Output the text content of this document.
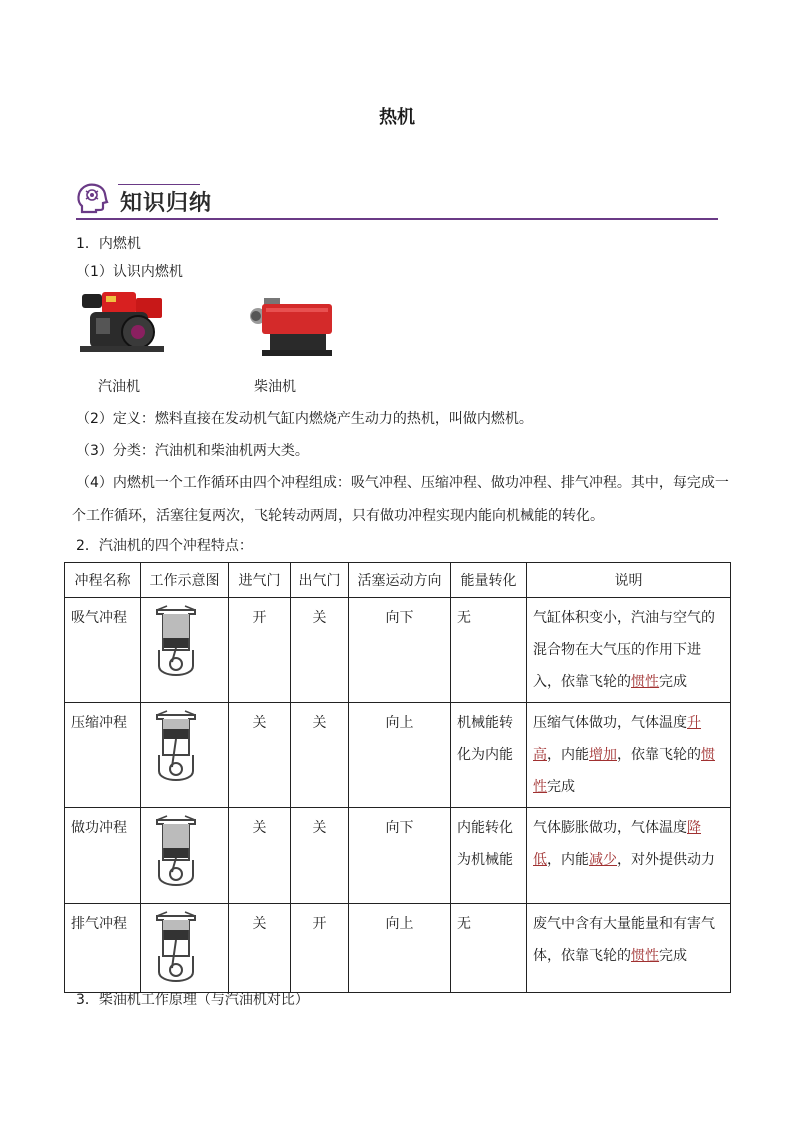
热机
知识归纳
1．内燃机
（1）认识内燃机
汽油机	柴油机
（2）定义：燃料直接在发动机气缸内燃烧产生动力的热机，叫做内燃机。
（3）分类：汽油机和柴油机两大类。
（4）内燃机一个工作循环由四个冲程组成：吸气冲程、压缩冲程、做功冲程、排气冲程。其中，每完成一
个工作循环，活塞往复两次，飞轮转动两周，只有做功冲程实现内能向机械能的转化。
2．汽油机的四个冲程特点：
冲程名称	工作示意图	进气门	出气门	活塞运动方向	能量转化	说明
吸气冲程		开	关	向下	无	气缸体积变小，汽油与空气的混合物在大气压的作用下进入，依靠飞轮的惯性完成
压缩冲程		关	关	向上	机械能转化为内能	压缩气体做功，气体温度升高，内能增加，依靠飞轮的惯性完成
做功冲程		关	关	向下	内能转化为机械能	气体膨胀做功，气体温度降低，内能减少，对外提供动力
排气冲程		关	开	向上	无	废气中含有大量能量和有害气体，依靠飞轮的惯性完成
3．柴油机工作原理（与汽油机对比）
